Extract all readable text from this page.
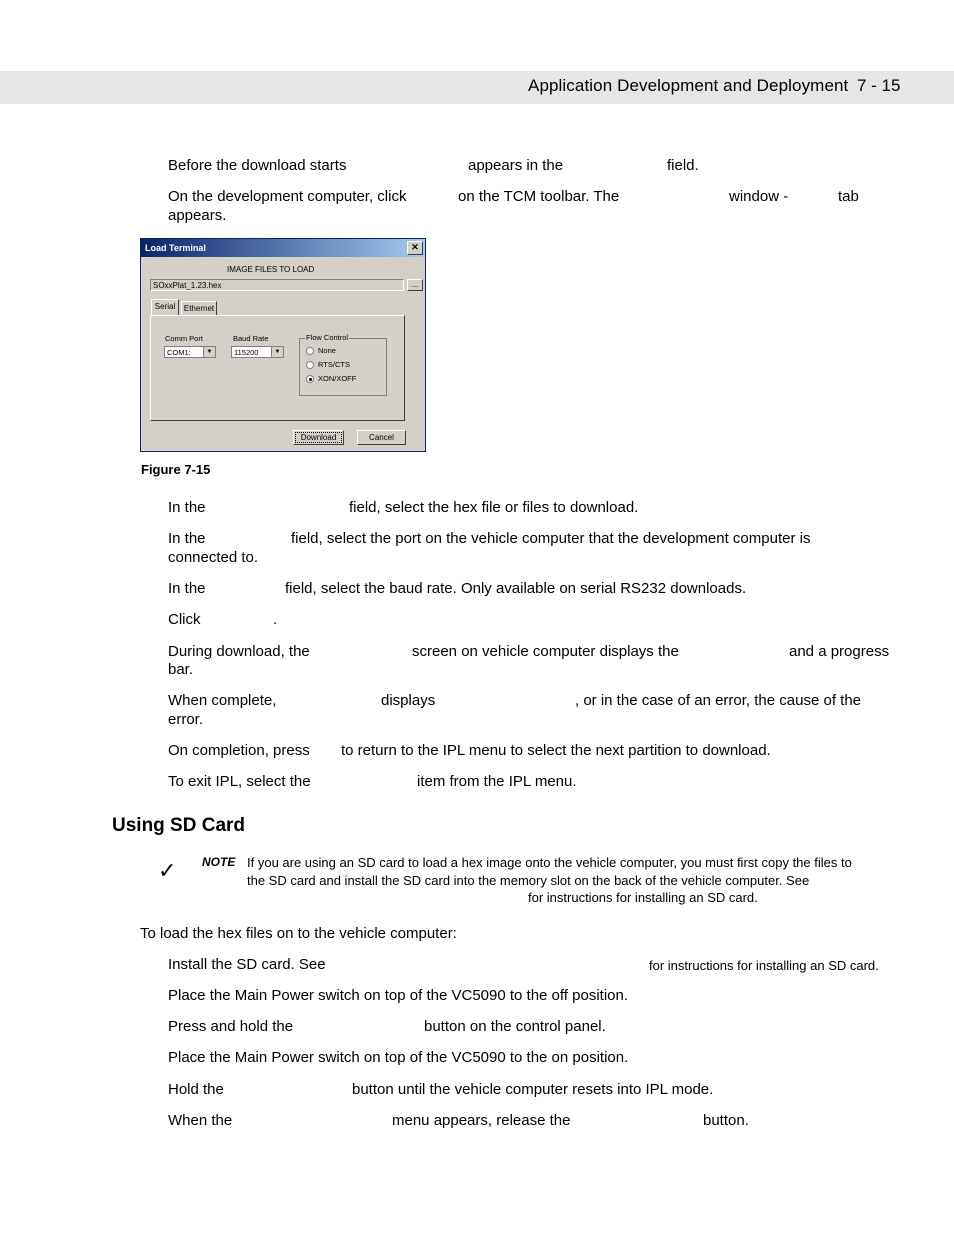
Application Development and Deployment 7 - 15
Before the download starts	appears in the	field.
On the development computer, click	on the TCM toolbar. The	window -	tab
appears.
Load Terminal	✕
IMAGE FILES TO LOAD
SOxxPlat_1.23.hex	...
Serial	Ethernet
Comm Port
COM1:	▼
Baud Rate
115200	▼
Flow Control
None
RTS/CTS
XON/XOFF
Download	Cancel
Figure 7-15
In the	field, select the hex file or files to download.
In the	field, select the port on the vehicle computer that the development computer is
connected to.
In the	field, select the baud rate. Only available on serial RS232 downloads.
Click	.
During download, the	screen on vehicle computer displays the	and a progress
bar.
When complete,	displays	, or in the case of an error, the cause of the
error.
On completion, press to return to the IPL menu to select the next partition to download.
To exit IPL, select the	item from the IPL menu.
Using SD Card
✓ NOTE If you are using an SD card to load a hex image onto the vehicle computer, you must first copy the files to
the SD card and install the SD card into the memory slot on the back of the vehicle computer. See
for instructions for installing an SD card.
To load the hex files on to the vehicle computer:
Install the SD card. See	for instructions for installing an SD card.
Place the Main Power switch on top of the VC5090 to the off position.
Press and hold the	button on the control panel.
Place the Main Power switch on top of the VC5090 to the on position.
Hold the	button until the vehicle computer resets into IPL mode.
When the	menu appears, release the	button.
